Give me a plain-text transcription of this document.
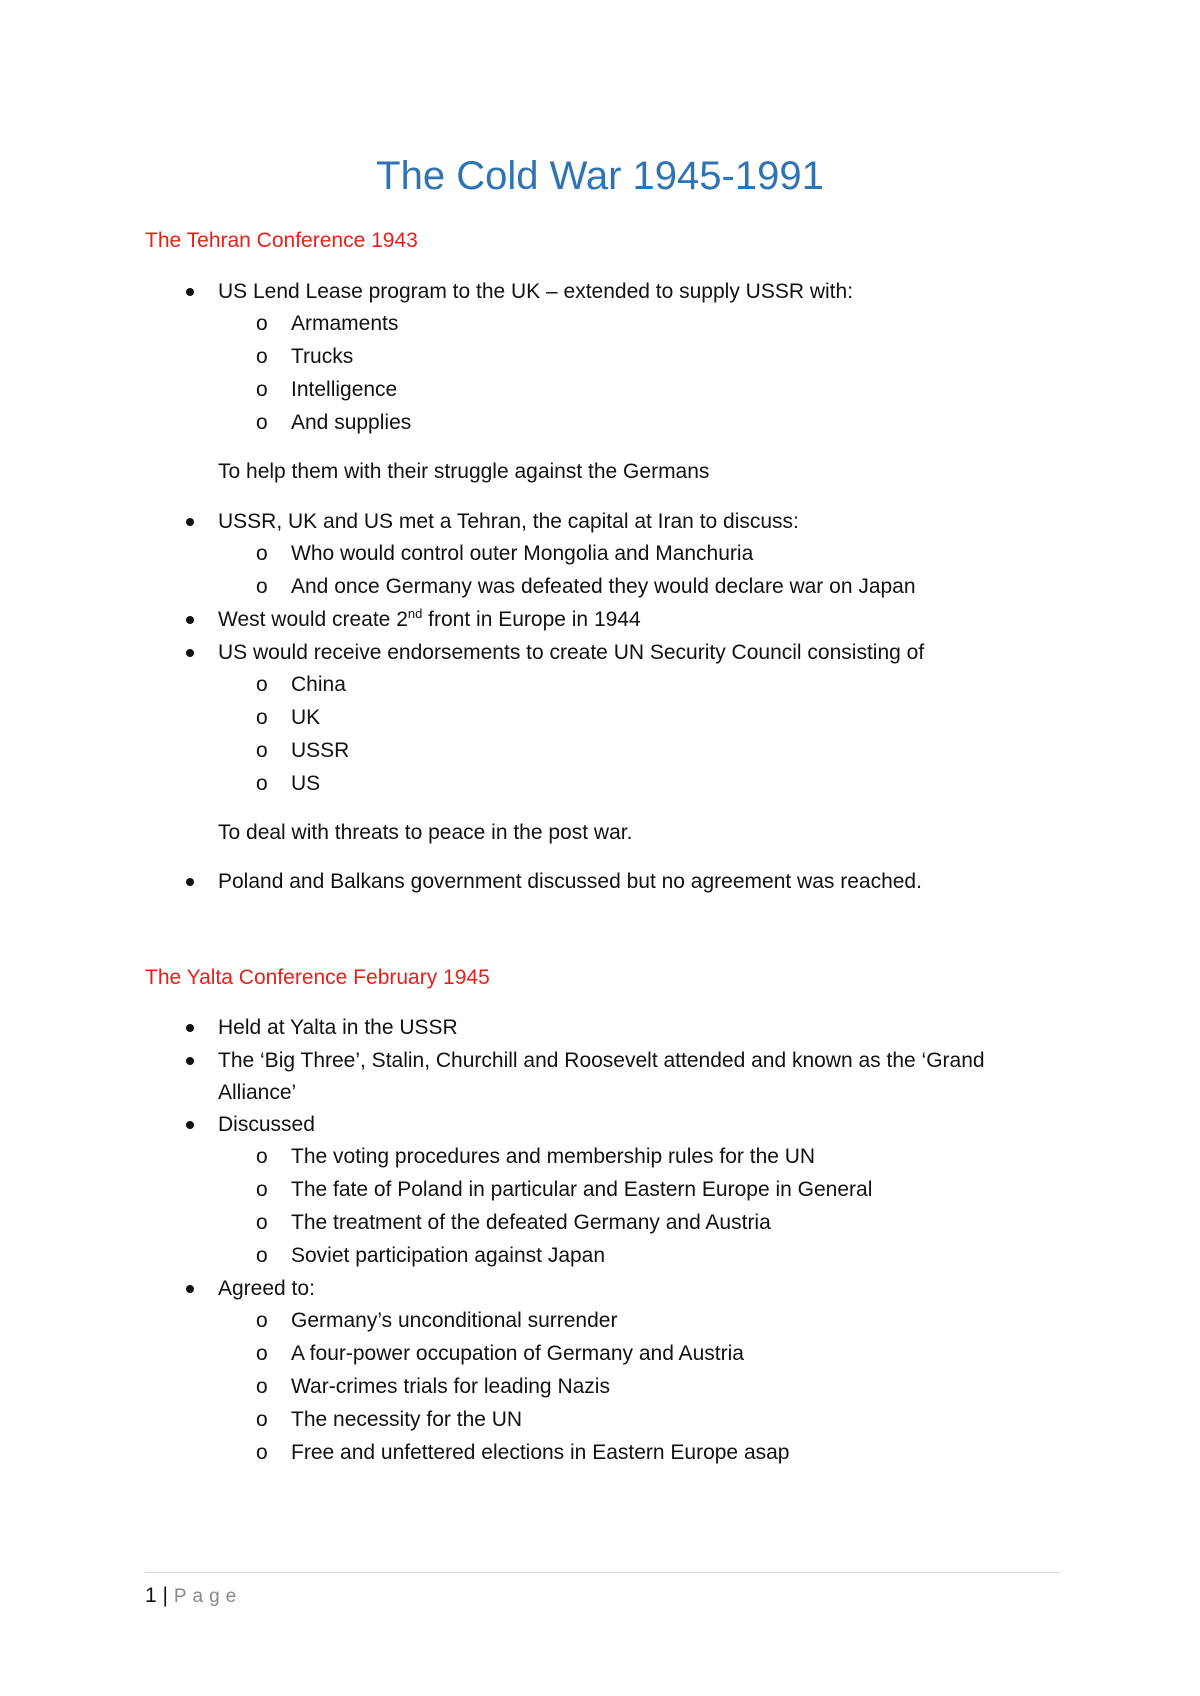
The Cold War 1945-1991
The Tehran Conference 1943
US Lend Lease program to the UK – extended to supply USSR with:
o Armaments
o Trucks
o Intelligence
o And supplies
To help them with their struggle against the Germans
USSR, UK and US met a Tehran, the capital at Iran to discuss:
o Who would control outer Mongolia and Manchuria
o And once Germany was defeated they would declare war on Japan
West would create 2nd front in Europe in 1944
US would receive endorsements to create UN Security Council consisting of
o China
o UK
o USSR
o US
To deal with threats to peace in the post war.
Poland and Balkans government discussed but no agreement was reached.
The Yalta Conference February 1945
Held at Yalta in the USSR
The ‘Big Three’, Stalin, Churchill and Roosevelt attended and known as the ‘Grand
Alliance’
Discussed
o The voting procedures and membership rules for the UN
o The fate of Poland in particular and Eastern Europe in General
o The treatment of the defeated Germany and Austria
o Soviet participation against Japan
Agreed to:
o Germany’s unconditional surrender
o A four-power occupation of Germany and Austria
o War-crimes trials for leading Nazis
o The necessity for the UN
o Free and unfettered elections in Eastern Europe asap
1 | Page
